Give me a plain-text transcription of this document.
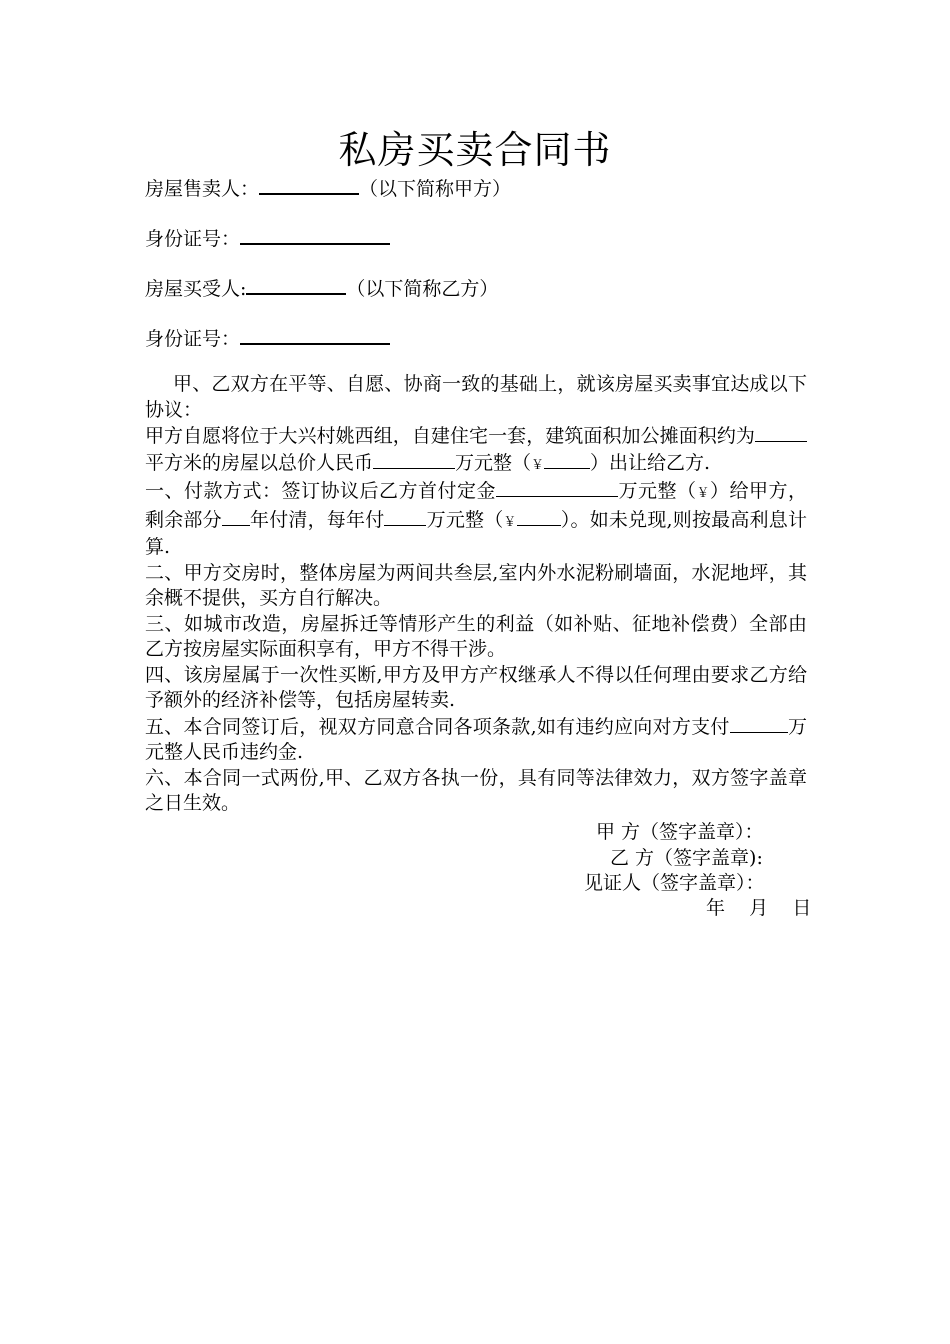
私房买卖合同书
房屋售卖人：	（以下简称甲方）
身份证号：
房屋买受人:	（以下简称乙方）
身份证号：

甲、乙双方在平等、自愿、协商一致的基础上，就该房屋买卖事宜达成以下协议：

甲方自愿将位于大兴村姚西组，自建住宅一套，建筑面积加公摊面积约为平方米的房屋以总价人民币	万元整（￥ ）出让给乙方.

一、付款方式：签订协议后乙方首付定金	万元整（￥）给甲方，剩余部分 年付清，每年付 万元整（￥ ）。如未兑现,则按最高利息计算.

二、甲方交房时，整体房屋为两间共叁层,室内外水泥粉刷墙面，水泥地坪，其余概不提供，买方自行解决。

三、如城市改造，房屋拆迁等情形产生的利益（如补贴、征地补偿费）全部由乙方按房屋实际面积享有，甲方不得干涉。

四、该房屋属于一次性买断,甲方及甲方产权继承人不得以任何理由要求乙方给予额外的经济补偿等，包括房屋转卖.

五、本合同签订后，视双方同意合同各项条款,如有违约应向对方支付	万元整人民币违约金.

六、本合同一式两份,甲、乙双方各执一份，具有同等法律效力，双方签字盖章之日生效。

甲 方（签字盖章）：
乙 方（签字盖章):
见证人（签字盖章）：
年    月    日
